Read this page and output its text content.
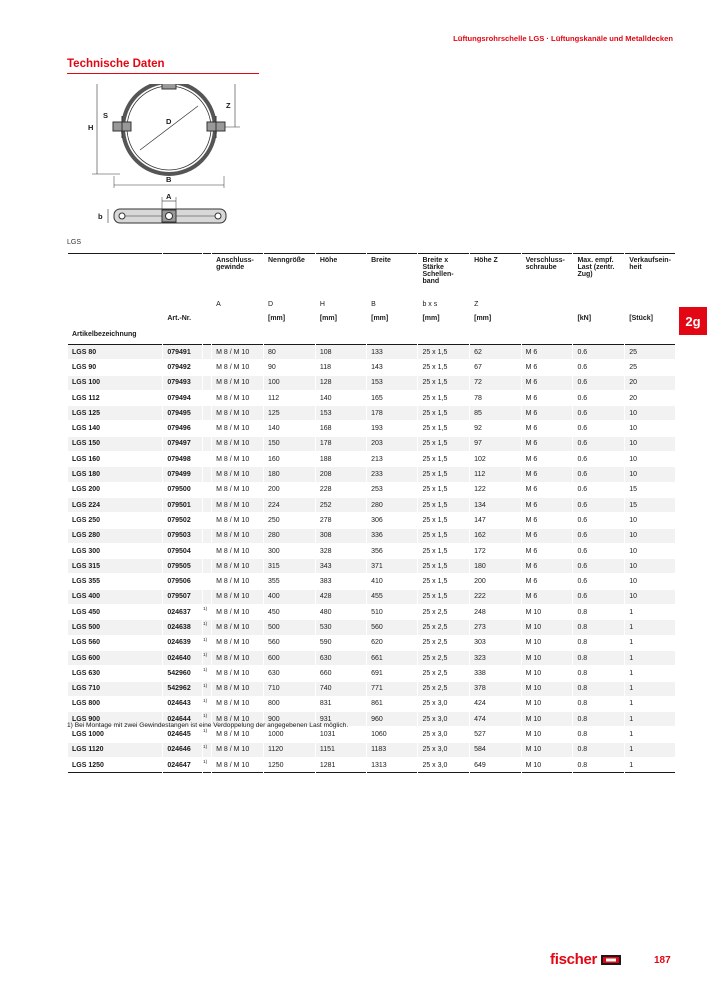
Lüftungsrohrschelle LGS · Lüftungskanäle und Metalldecken
Technische Daten
S
H
D
Z
B
A
b
LGS
2g
			Anschluss-
gewinde	Nenngröße	Höhe	Breite	Breite x
Stärke
Schellen-
band	Höhe Z	Verschluss-
schraube	Max. empf.
Last (zentr.
Zug)	Verkaufsein-
heit
			A	D	H	B	b x s	Z			
	Art.-Nr.			[mm]	[mm]	[mm]	[mm]	[mm]		[kN]	[Stück]
Artikelbezeichnung											
LGS 80	079491		M 8 / M 10	80	108	133	25 x 1,5	62	M 6	0.6	25
LGS 90	079492		M 8 / M 10	90	118	143	25 x 1,5	67	M 6	0.6	25
LGS 100	079493		M 8 / M 10	100	128	153	25 x 1,5	72	M 6	0.6	20
LGS 112	079494		M 8 / M 10	112	140	165	25 x 1,5	78	M 6	0.6	20
LGS 125	079495		M 8 / M 10	125	153	178	25 x 1,5	85	M 6	0.6	10
LGS 140	079496		M 8 / M 10	140	168	193	25 x 1,5	92	M 6	0.6	10
LGS 150	079497		M 8 / M 10	150	178	203	25 x 1,5	97	M 6	0.6	10
LGS 160	079498		M 8 / M 10	160	188	213	25 x 1,5	102	M 6	0.6	10
LGS 180	079499		M 8 / M 10	180	208	233	25 x 1,5	112	M 6	0.6	10
LGS 200	079500		M 8 / M 10	200	228	253	25 x 1,5	122	M 6	0.6	15
LGS 224	079501		M 8 / M 10	224	252	280	25 x 1,5	134	M 6	0.6	15
LGS 250	079502		M 8 / M 10	250	278	306	25 x 1,5	147	M 6	0.6	10
LGS 280	079503		M 8 / M 10	280	308	336	25 x 1,5	162	M 6	0.6	10
LGS 300	079504		M 8 / M 10	300	328	356	25 x 1,5	172	M 6	0.6	10
LGS 315	079505		M 8 / M 10	315	343	371	25 x 1,5	180	M 6	0.6	10
LGS 355	079506		M 8 / M 10	355	383	410	25 x 1,5	200	M 6	0.6	10
LGS 400	079507		M 8 / M 10	400	428	455	25 x 1,5	222	M 6	0.6	10
LGS 450	024637	1)	M 8 / M 10	450	480	510	25 x 2,5	248	M 10	0.8	1
LGS 500	024638	1)	M 8 / M 10	500	530	560	25 x 2,5	273	M 10	0.8	1
LGS 560	024639	1)	M 8 / M 10	560	590	620	25 x 2,5	303	M 10	0.8	1
LGS 600	024640	1)	M 8 / M 10	600	630	661	25 x 2,5	323	M 10	0.8	1
LGS 630	542960	1)	M 8 / M 10	630	660	691	25 x 2,5	338	M 10	0.8	1
LGS 710	542962	1)	M 8 / M 10	710	740	771	25 x 2,5	378	M 10	0.8	1
LGS 800	024643	1)	M 8 / M 10	800	831	861	25 x 3,0	424	M 10	0.8	1
LGS 900	024644	1)	M 8 / M 10	900	931	960	25 x 3,0	474	M 10	0.8	1
LGS 1000	024645	1)	M 8 / M 10	1000	1031	1060	25 x 3,0	527	M 10	0.8	1
LGS 1120	024646	1)	M 8 / M 10	1120	1151	1183	25 x 3,0	584	M 10	0.8	1
LGS 1250	024647	1)	M 8 / M 10	1250	1281	1313	25 x 3,0	649	M 10	0.8	1
1) Bei Montage mit zwei Gewindestangen ist eine Verdoppelung der angegebenen Last möglich.
fischer	187
